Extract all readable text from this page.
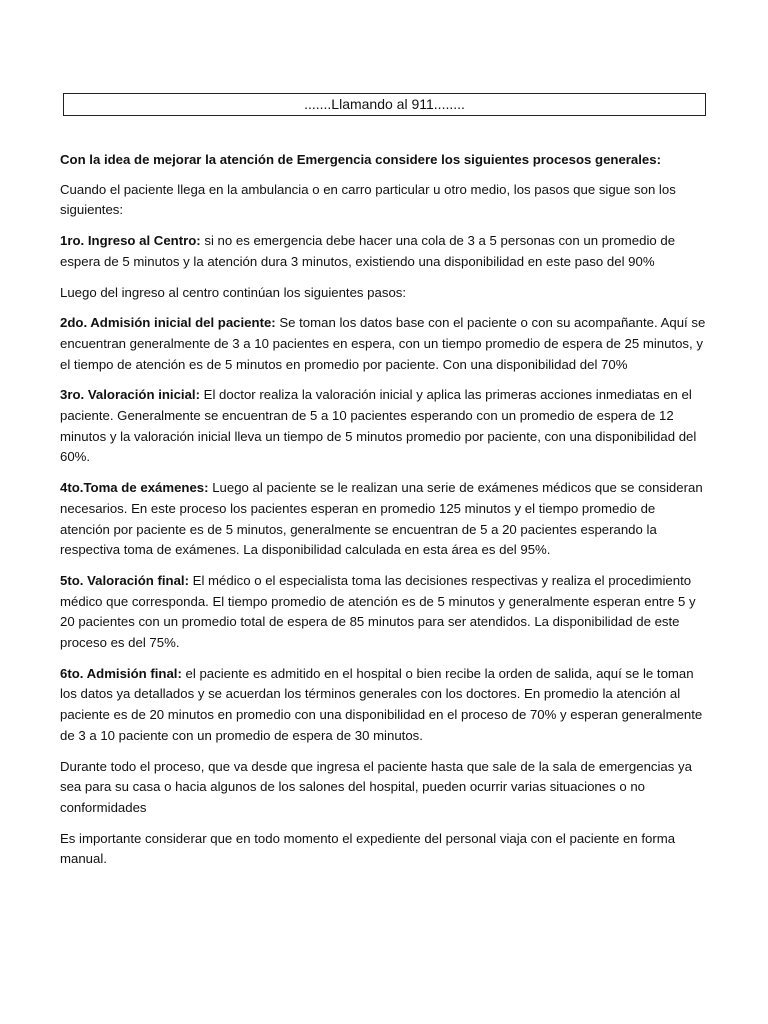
.......Llamando al 911........

Con la idea de mejorar la atención de Emergencia considere los siguientes procesos generales:

Cuando el paciente llega en la ambulancia o en carro particular u otro medio, los pasos que sigue son los siguientes:

1ro. Ingreso al Centro: si no es emergencia debe hacer una cola de 3 a 5 personas con un promedio de espera de 5 minutos y la atención dura 3 minutos, existiendo una disponibilidad en este paso del 90%

Luego del ingreso al centro continúan los siguientes pasos:

2do. Admisión inicial del paciente: Se toman los datos base con el paciente o con su acompañante. Aquí se encuentran generalmente de 3 a 10 pacientes en espera, con un tiempo promedio de espera de 25 minutos, y el tiempo de atención es de 5 minutos en promedio por paciente. Con una disponibilidad del 70%

3ro. Valoración inicial: El doctor realiza la valoración inicial y aplica las primeras acciones inmediatas en el paciente. Generalmente se encuentran de 5 a 10 pacientes esperando con un promedio de espera de 12 minutos y la valoración inicial lleva un tiempo de 5 minutos promedio por paciente, con una disponibilidad del 60%.

4to.Toma de exámenes: Luego al paciente se le realizan una serie de exámenes médicos que se consideran necesarios. En este proceso los pacientes esperan en promedio 125 minutos y el tiempo promedio de atención por paciente es de 5 minutos, generalmente se encuentran de 5 a 20 pacientes esperando la respectiva toma de exámenes. La disponibilidad calculada en esta área es del 95%.

5to. Valoración final: El médico o el especialista toma las decisiones respectivas y realiza el procedimiento médico que corresponda. El tiempo promedio de atención es de 5 minutos y generalmente esperan entre 5 y 20 pacientes con un promedio total de espera de 85 minutos para ser atendidos. La disponibilidad de este proceso es del 75%.

6to. Admisión final: el paciente es admitido en el hospital o bien recibe la orden de salida, aquí se le toman los datos ya detallados y se acuerdan los términos generales con los doctores. En promedio la atención al paciente es de 20 minutos en promedio con una disponibilidad en el proceso de 70% y esperan generalmente de 3 a 10 paciente con un promedio de espera de 30 minutos.

Durante todo el proceso, que va desde que ingresa el paciente hasta que sale de la sala de emergencias ya sea para su casa o hacia algunos de los salones del hospital, pueden ocurrir varias situaciones o no conformidades

Es importante considerar que en todo momento el expediente del personal viaja con el paciente en forma manual.
